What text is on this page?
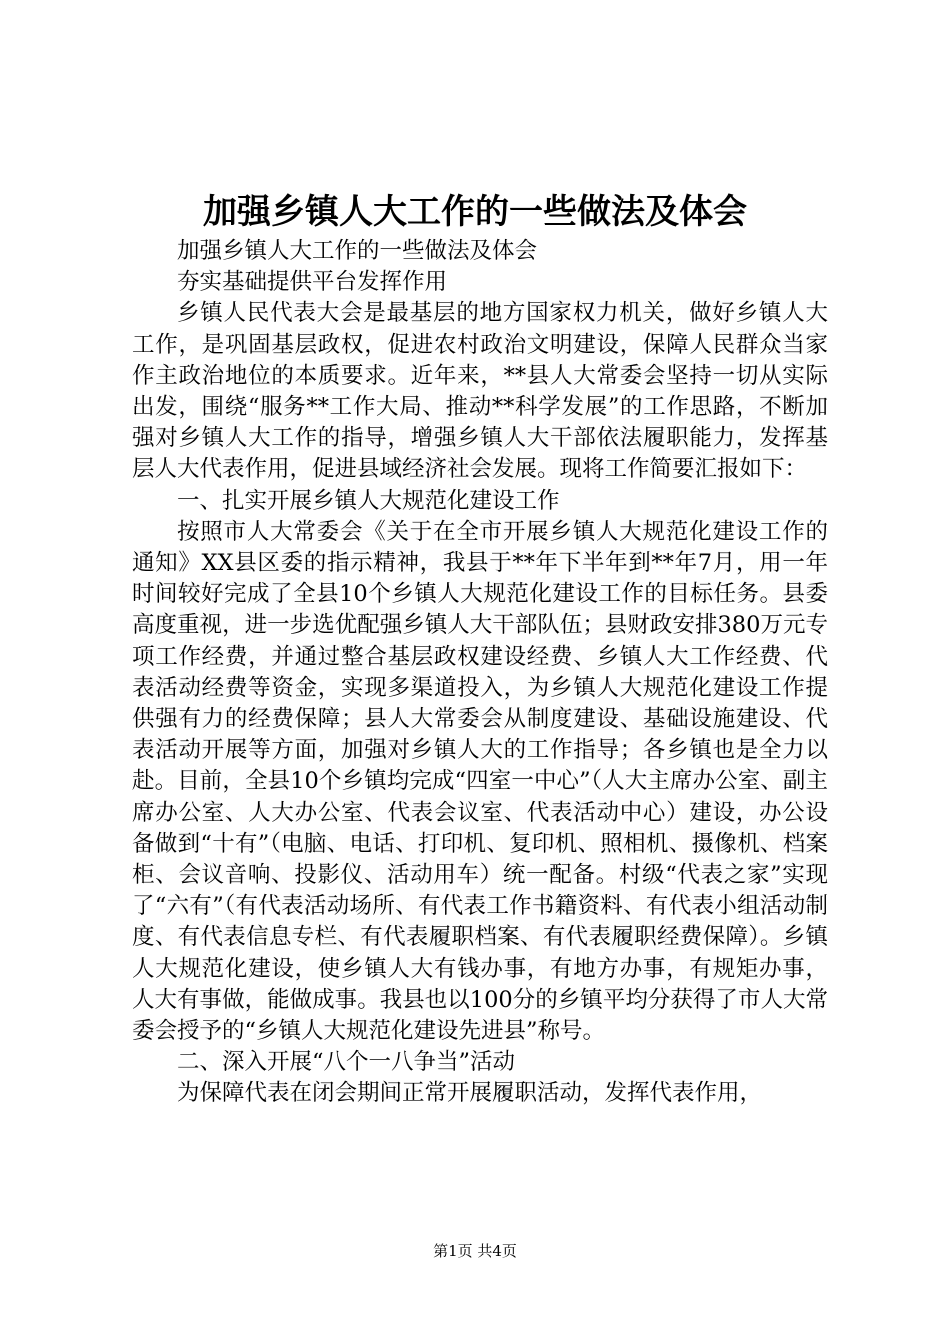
加强乡镇人大工作的一些做法及体会

加强乡镇人大工作的一些做法及体会

夯实基础提供平台发挥作用

乡镇人民代表大会是最基层的地方国家权力机关，做好乡镇人大工作，是巩固基层政权，促进农村政治文明建设，保障人民群众当家作主政治地位的本质要求。近年来，**县人大常委会坚持一切从实际出发，围绕“服务**工作大局、推动**科学发展”的工作思路，不断加强对乡镇人大工作的指导，增强乡镇人大干部依法履职能力，发挥基层人大代表作用，促进县域经济社会发展。现将工作简要汇报如下：

一、扎实开展乡镇人大规范化建设工作

按照市人大常委会《关于在全市开展乡镇人大规范化建设工作的通知》XX县区委的指示精神，我县于**年下半年到**年7月，用一年时间较好完成了全县10个乡镇人大规范化建设工作的目标任务。县委高度重视，进一步选优配强乡镇人大干部队伍；县财政安排380万元专项工作经费，并通过整合基层政权建设经费、乡镇人大工作经费、代表活动经费等资金，实现多渠道投入，为乡镇人大规范化建设工作提供强有力的经费保障；县人大常委会从制度建设、基础设施建设、代表活动开展等方面，加强对乡镇人大的工作指导；各乡镇也是全力以赴。目前，全县10个乡镇均完成“四室一中心”（人大主席办公室、副主席办公室、人大办公室、代表会议室、代表活动中心）建设，办公设备做到“十有”（电脑、电话、打印机、复印机、照相机、摄像机、档案柜、会议音响、投影仪、活动用车）统一配备。村级“代表之家”实现了“六有”（有代表活动场所、有代表工作书籍资料、有代表小组活动制度、有代表信息专栏、有代表履职档案、有代表履职经费保障）。乡镇人大规范化建设，使乡镇人大有钱办事，有地方办事，有规矩办事，人大有事做，能做成事。我县也以100分的乡镇平均分获得了市人大常委会授予的“乡镇人大规范化建设先进县”称号。

二、深入开展“八个一八争当”活动

为保障代表在闭会期间正常开展履职活动，发挥代表作用，

第1页 共4页
